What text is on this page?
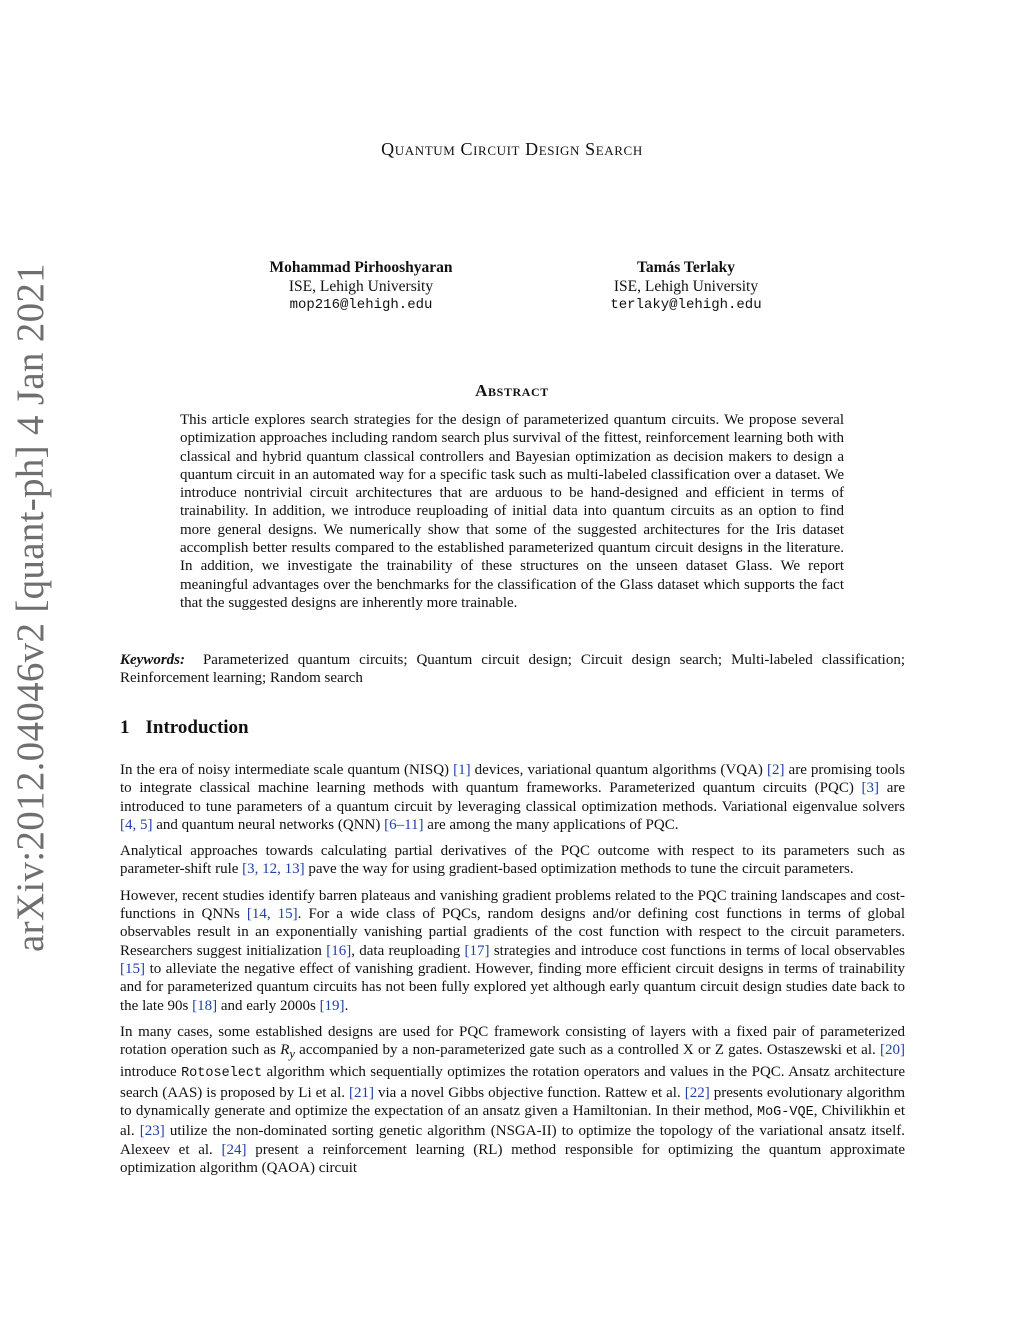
arXiv:2012.04046v2 [quant-ph] 4 Jan 2021
Quantum Circuit Design Search
Mohammad Pirhooshyaran
ISE, Lehigh University
mop216@lehigh.edu
Tamás Terlaky
ISE, Lehigh University
terlaky@lehigh.edu
Abstract

This article explores search strategies for the design of parameterized quantum circuits. We propose several optimization approaches including random search plus survival of the fittest, reinforcement learning both with classical and hybrid quantum classical controllers and Bayesian optimization as decision makers to design a quantum circuit in an automated way for a specific task such as multi-labeled classification over a dataset. We introduce nontrivial circuit architectures that are arduous to be hand-designed and efficient in terms of trainability. In addition, we introduce reuploading of initial data into quantum circuits as an option to find more general designs. We numerically show that some of the suggested architectures for the Iris dataset accomplish better results compared to the established parameterized quantum circuit designs in the literature. In addition, we investigate the trainability of these structures on the unseen dataset Glass. We report meaningful advantages over the benchmarks for the classification of the Glass dataset which supports the fact that the suggested designs are inherently more trainable.

Keywords: Parameterized quantum circuits; Quantum circuit design; Circuit design search; Multi-labeled classification; Reinforcement learning; Random search

1 Introduction

In the era of noisy intermediate scale quantum (NISQ) [1] devices, variational quantum algorithms (VQA) [2] are promising tools to integrate classical machine learning methods with quantum frameworks. Parameterized quantum circuits (PQC) [3] are introduced to tune parameters of a quantum circuit by leveraging classical optimization methods. Variational eigenvalue solvers [4, 5] and quantum neural networks (QNN) [6–11] are among the many applications of PQC.

Analytical approaches towards calculating partial derivatives of the PQC outcome with respect to its parameters such as parameter-shift rule [3, 12, 13] pave the way for using gradient-based optimization methods to tune the circuit parameters.

However, recent studies identify barren plateaus and vanishing gradient problems related to the PQC training landscapes and cost-functions in QNNs [14, 15]. For a wide class of PQCs, random designs and/or defining cost functions in terms of global observables result in an exponentially vanishing partial gradients of the cost function with respect to the circuit parameters. Researchers suggest initialization [16], data reuploading [17] strategies and introduce cost functions in terms of local observables [15] to alleviate the negative effect of vanishing gradient. However, finding more efficient circuit designs in terms of trainability and for parameterized quantum circuits has not been fully explored yet although early quantum circuit design studies date back to the late 90s [18] and early 2000s [19].

In many cases, some established designs are used for PQC framework consisting of layers with a fixed pair of parameterized rotation operation such as $R_y$ accompanied by a non-parameterized gate such as a controlled X or Z gates. Ostaszewski et al. [20] introduce Rotoselect algorithm which sequentially optimizes the rotation operators and values in the PQC. Ansatz architecture search (AAS) is proposed by Li et al. [21] via a novel Gibbs objective function. Rattew et al. [22] presents evolutionary algorithm to dynamically generate and optimize the expectation of an ansatz given a Hamiltonian. In their method, MoG-VQE, Chivilikhin et al. [23] utilize the non-dominated sorting genetic algorithm (NSGA-II) to optimize the topology of the variational ansatz itself. Alexeev et al. [24] present a reinforcement learning (RL) method responsible for optimizing the quantum approximate optimization algorithm (QAOA) circuit
